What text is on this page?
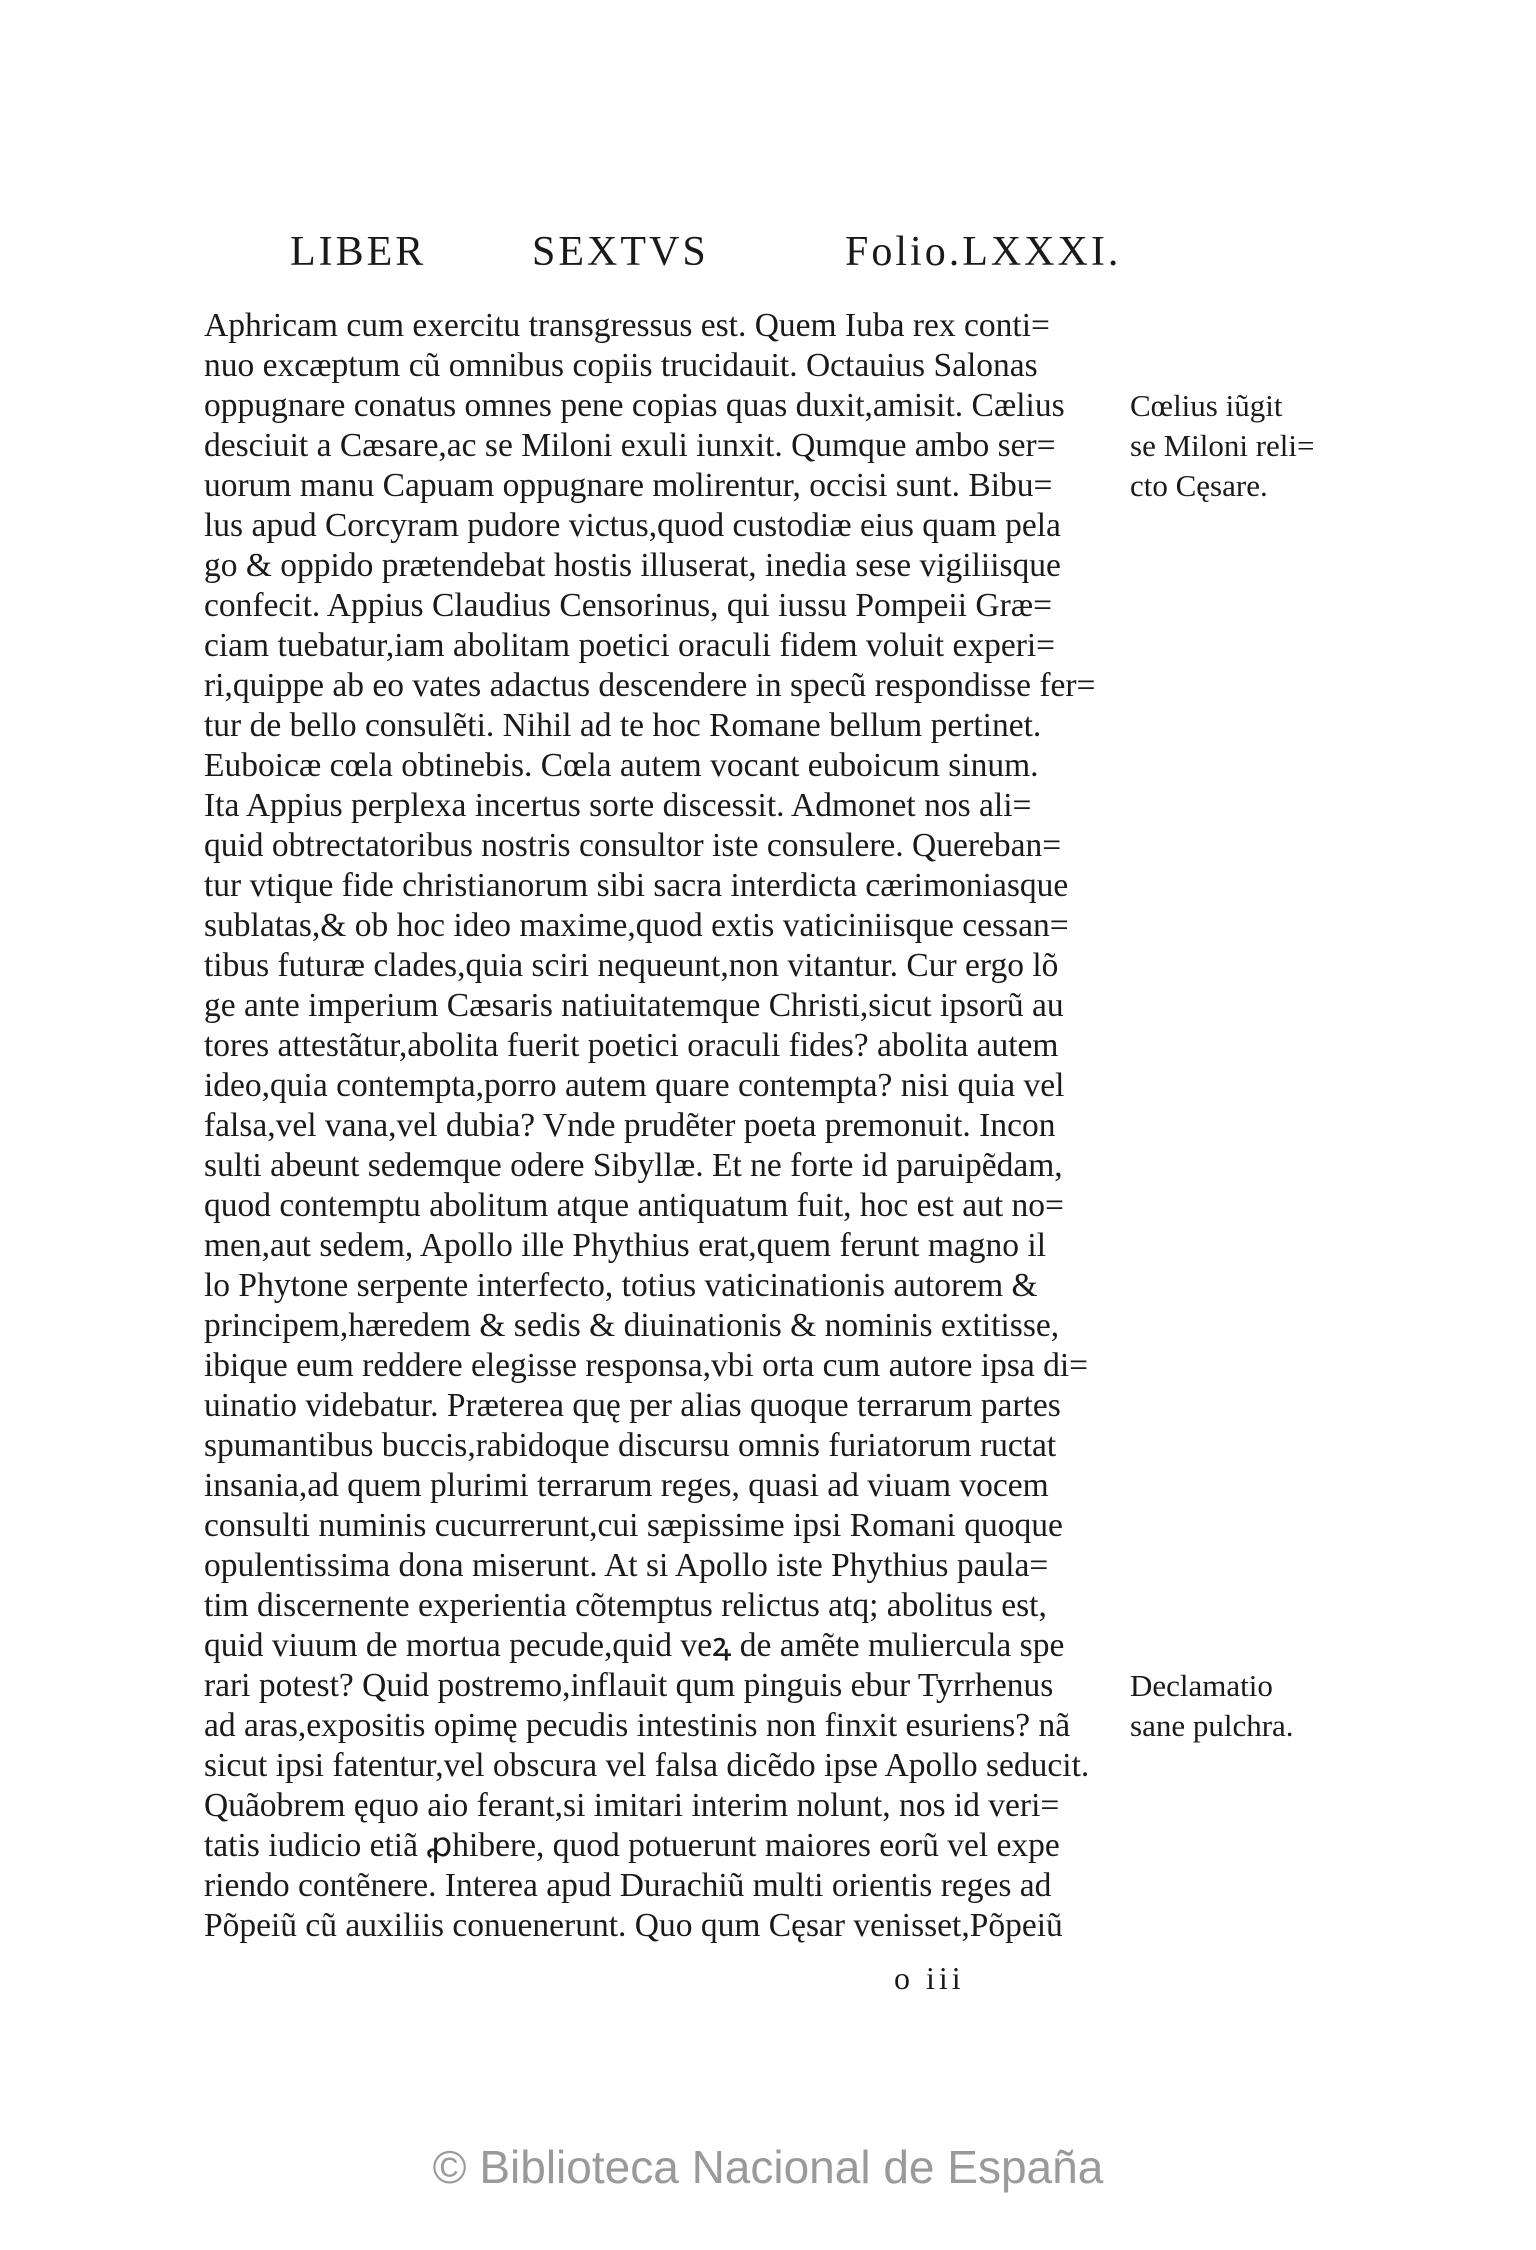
LIBER	SEXTVS	Folio.LXXXI.
Aphricam cum exercitu transgressus est. Quem Iuba rex conti=
nuo excæptum cũ omnibus copiis trucidauit. Octauius Salonas
oppugnare conatus omnes pene copias quas duxit,amisit. Cælius
desciuit a Cæsare,ac se Miloni exuli iunxit. Qumque ambo ser=
uorum manu Capuam oppugnare molirentur, occisi sunt. Bibu=
lus apud Corcyram pudore victus,quod custodiæ eius quam pela
go & oppido prætendebat hostis illuserat, inedia sese vigiliisque
confecit. Appius Claudius Censorinus, qui iussu Pompeii Græ=
ciam tuebatur,iam abolitam poetici oraculi fidem voluit experi=
ri,quippe ab eo vates adactus descendere in specũ respondisse fer=
tur de bello consulẽti. Nihil ad te hoc Romane bellum pertinet.
Euboicæ cœla obtinebis. Cœla autem vocant euboicum sinum.
Ita Appius perplexa incertus sorte discessit. Admonet nos ali=
quid obtrectatoribus nostris consultor iste consulere. Quereban=
tur vtique fide christianorum sibi sacra interdicta cærimoniasque
sublatas,& ob hoc ideo maxime,quod extis vaticiniisque cessan=
tibus futuræ clades,quia sciri nequeunt,non vitantur. Cur ergo lõ
ge ante imperium Cæsaris natiuitatemque Christi,sicut ipsorũ au
tores attestãtur,abolita fuerit poetici oraculi fides? abolita autem
ideo,quia contempta,porro autem quare contempta? nisi quia vel
falsa,vel vana,vel dubia? Vnde prudẽter poeta premonuit. Incon
sulti abeunt sedemque odere Sibyllæ. Et ne forte id paruipẽdam,
quod contemptu abolitum atque antiquatum fuit, hoc est aut no=
men,aut sedem, Apollo ille Phythius erat,quem ferunt magno il
lo Phytone serpente interfecto, totius vaticinationis autorem &
principem,hæredem & sedis & diuinationis & nominis extitisse,
ibique eum reddere elegisse responsa,vbi orta cum autore ipsa di=
uinatio videbatur. Præterea quę per alias quoque terrarum partes
spumantibus buccis,rabidoque discursu omnis furiatorum ructat
insania,ad quem plurimi terrarum reges, quasi ad viuam vocem
consulti numinis cucurrerunt,cui sæpissime ipsi Romani quoque
opulentissima dona miserunt. At si Apollo iste Phythius paula=
tim discernente experientia cõtemptus relictus atq; abolitus est,
quid viuum de mortua pecude,quid veꝝ de amẽte muliercula spe
rari potest? Quid postremo,inflauit qum pinguis ebur Tyrrhenus
ad aras,expositis opimę pecudis intestinis non finxit esuriens? nã
sicut ipsi fatentur,vel obscura vel falsa dicẽdo ipse Apollo seducit.
Quãobrem ęquo aio ferant,si imitari interim nolunt, nos id veri=
tatis iudicio etiã ꝓhibere, quod potuerunt maiores eorũ vel expe
riendo contẽnere. Interea apud Durachiũ multi orientis reges ad
Põpeiũ cũ auxiliis conuenerunt. Quo qum Cęsar venisset,Põpeiũ
Cœlius iũgit
se Miloni reli=
cto Cęsare.
Declamatio
sane pulchra.
o iii
© Biblioteca Nacional de España
